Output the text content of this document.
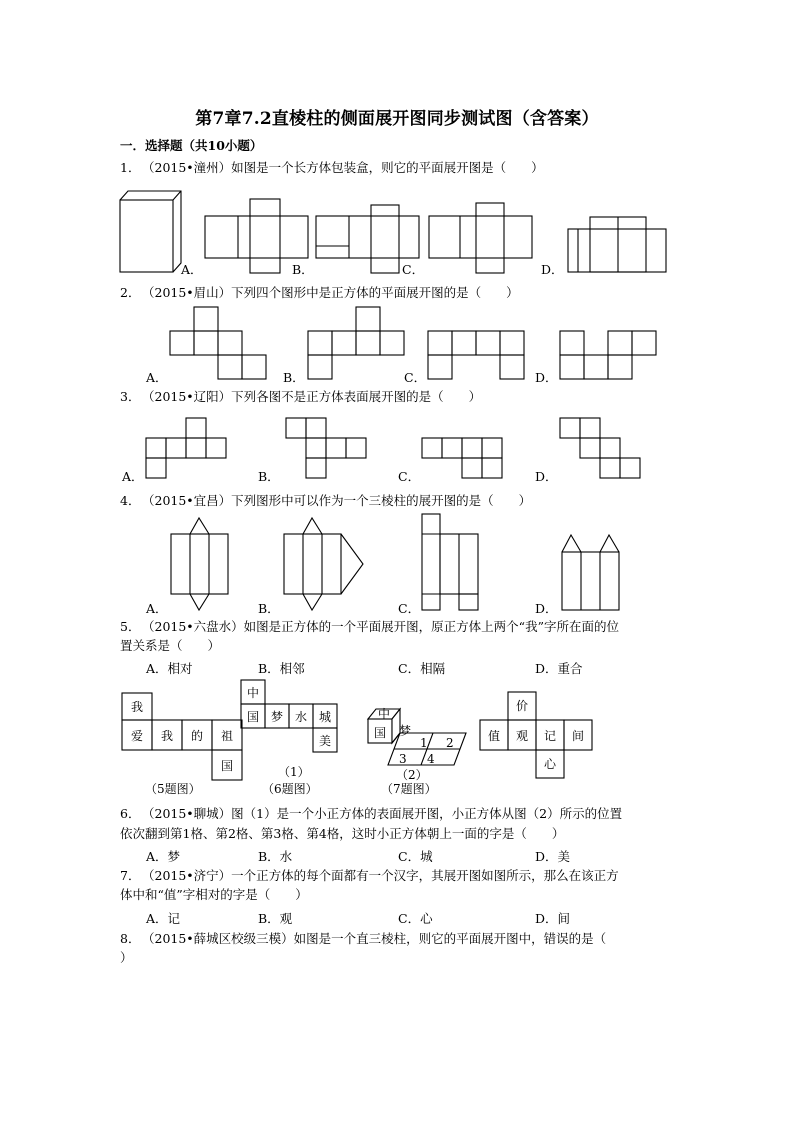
第7章7.2直棱柱的侧面展开图同步测试图（含答案）
一．选择题（共10小题）
1． （2015•潼州）如图是一个长方体包装盒，则它的平面展开图是（　　）
A．	B．	C．	D．
2． （2015•眉山）下列四个图形中是正方体的平面展开图的是（　　）
A．	B．	C．	D．
3． （2015•辽阳）下列各图不是正方体表面展开图的是（　　）
A．	B．	C．	D．
4． （2015•宜昌）下列图形中可以作为一个三棱柱的展开图的是（　　）
A．	B．	C．	D．
5． （2015•六盘水）如图是正方体的一个平面展开图，原正方体上两个“我”字所在面的位
置关系是（　　）
A．相对	B．相邻	C．相隔	D．重合
6． （2015•聊城）图（1）是一个小正方体的表面展开图，小正方体从图（2）所示的位置
依次翻到第1格、第2格、第3格、第4格，这时小正方体朝上一面的字是（　　）
A．梦	B．水	C．城	D．美
7． （2015•济宁）一个正方体的每个面都有一个汉字，其展开图如图所示，那么在该正方
体中和“值”字相对的字是（　　）
A．记	B．观	C．心	D．间
8． （2015•薛城区校级三模）如图是一个直三棱柱，则它的平面展开图中，错误的是（
）
我
爱 我 的 祖
国
（5题图）
中
国 梦 水 城
美
（1）
（6题图）
中
国 梦
1 2
3 4
（2）
（7题图）
价
值 观 记 间
心
